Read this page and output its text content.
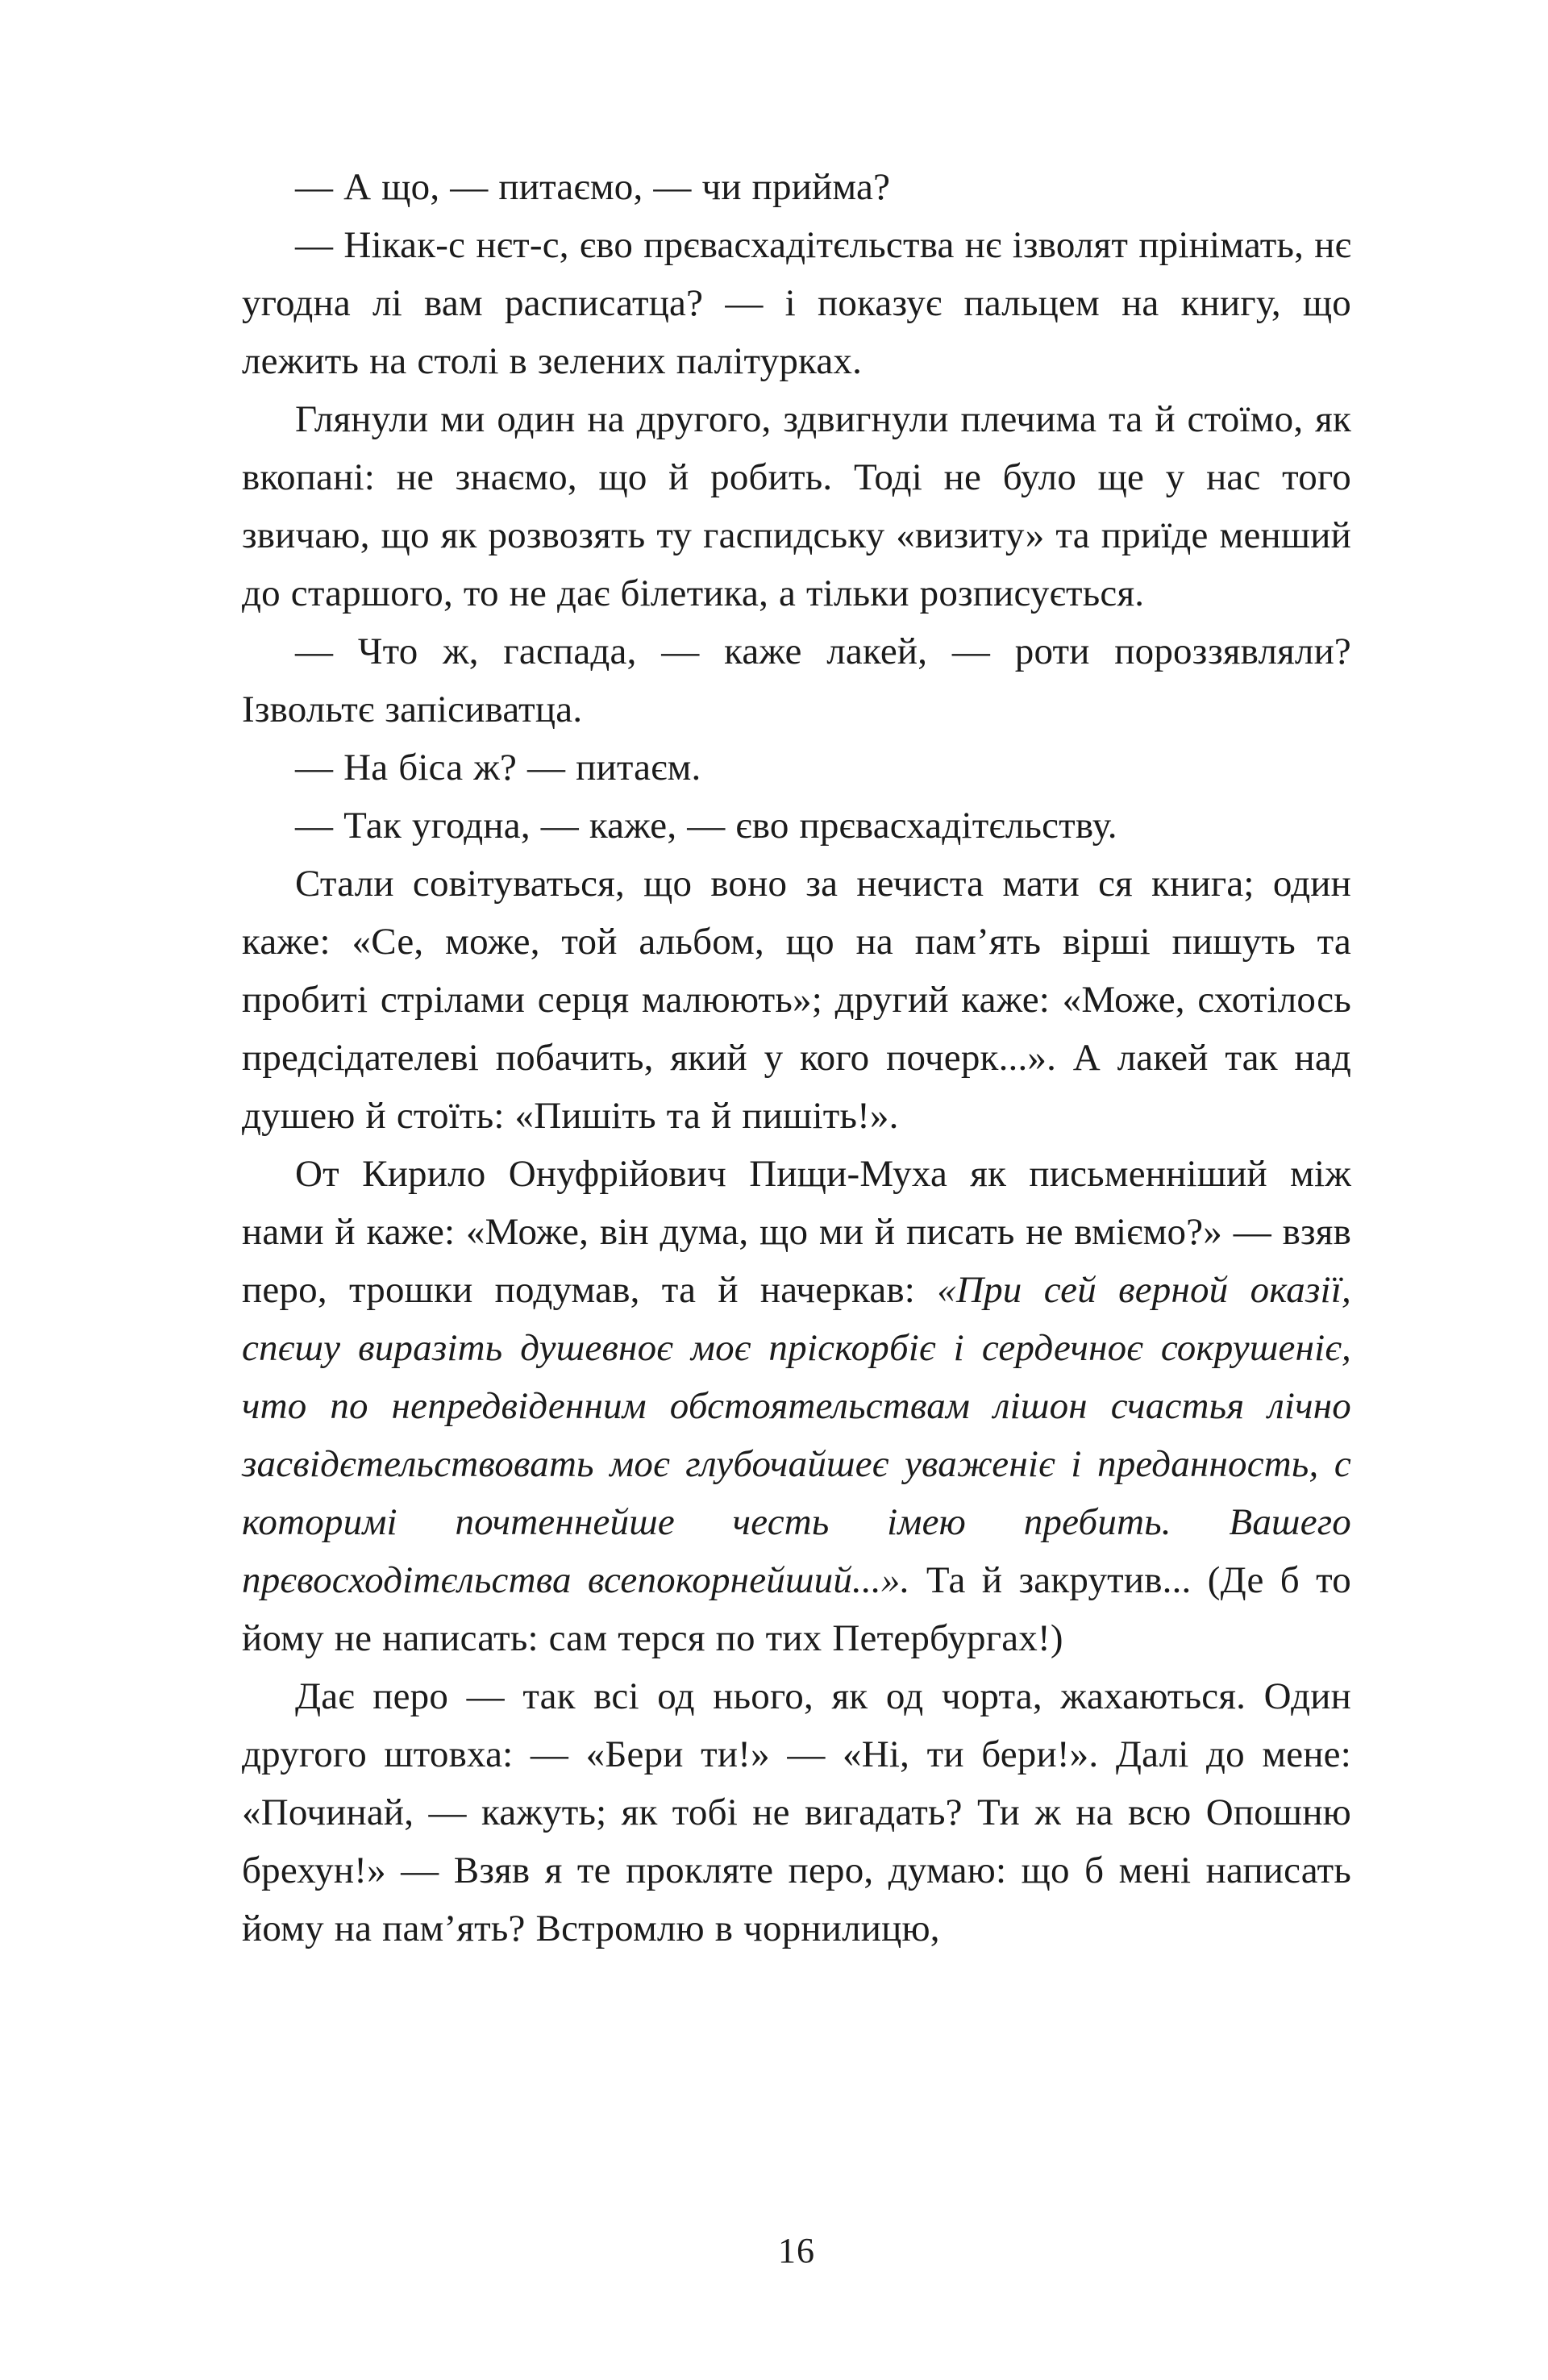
— А що, — питаємо, — чи прийма?

— Нікак-с нєт-с, єво прєвасхадітєльства нє ізволят прінімать, нє угодна лі вам расписатца? — і показує пальцем на книгу, що лежить на столі в зелених палітурках.

Глянули ми один на другого, здвигнули плечима та й стоїмо, як вкопані: не знаємо, що й робить. Тоді не було ще у нас того звичаю, що як розвозять ту гаспидську «визиту» та приїде менший до старшого, то не дає білетика, а тільки розписується.

— Что ж, гаспада, — каже лакей, — роти пороззявляли? Ізвольтє запісиватца.

— На біса ж? — питаєм.

— Так угодна, — каже, — єво прєвасхадітєльству.

Стали совітуваться, що воно за нечиста мати ся книга; один каже: «Се, може, той альбом, що на пам’ять вірші пишуть та пробиті стрілами серця малюють»; другий каже: «Може, схотілось предсідателеві побачить, який у кого почерк...». А лакей так над душею й стоїть: «Пишіть та й пишіть!».

От Кирило Онуфрійович Пищи-Муха як письменніший між нами й каже: «Може, він дума, що ми й писать не вміємо?» — взяв перо, трошки подумав, та й начеркав: «При сей верной оказії, спєшу виразіть душевноє моє пріскорбіє і сердечноє сокрушеніє, что по непредвіденним обстоятельствам лішон счастья лічно засвідєтельствовать моє глубочайшеє уваженіє і преданность, с которимі почтеннейше честь імею пребить. Вашего прєвосходітєльства всепокорнейший...». Та й закрутив... (Де б то йому не написать: сам терся по тих Петербургах!)

Дає перо — так всі од нього, як од чорта, жахаються. Один другого штовха: — «Бери ти!» — «Ні, ти бери!». Далі до мене: «Починай, — кажуть; як тобі не вигадать? Ти ж на всю Опошню брехун!» — Взяв я те прокляте перо, думаю: що б мені написать йому на пам’ять? Встромлю в чорнилицю,

16
